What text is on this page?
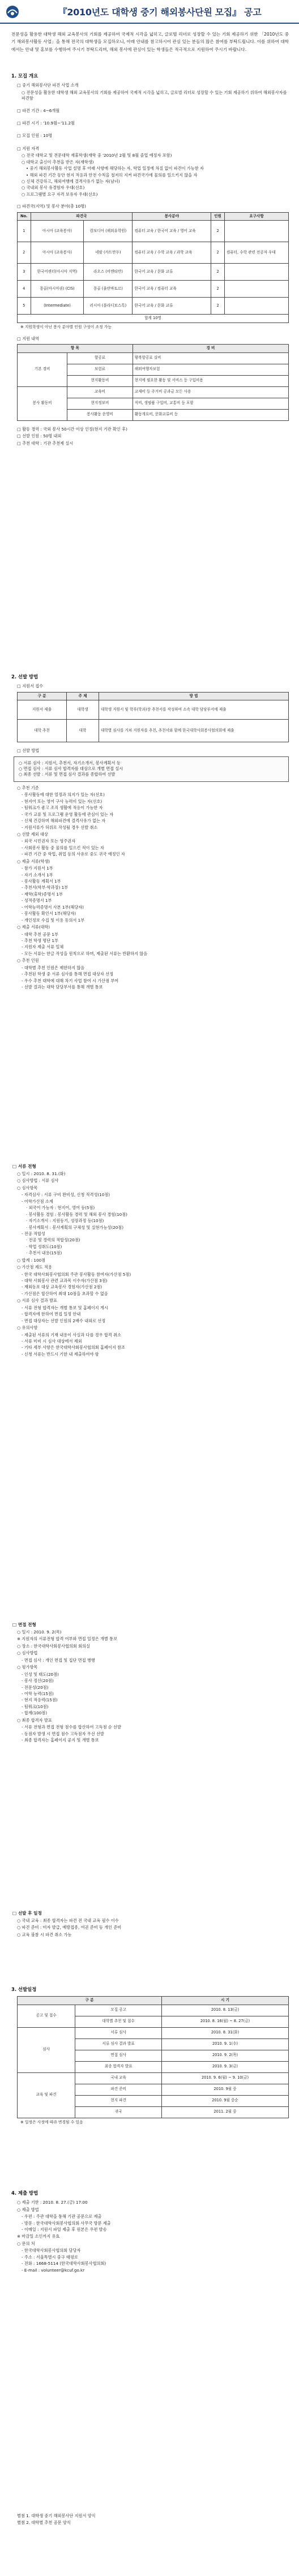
『2010년도 대학생 중기 해외봉사단원 모집』 공고
전문성을 활용한 대학생 해외 교육봉사의 기회를 제공하여 국제적 시각을 넓히고, 글로벌 리더로 성장할 수 있는 기회 제공하기 위한 「2010년도 중기 해외봉사활동 사업」을 통해 전국의 대학생을 모집하오니, 아래 안내를 참고하시어 관심 있는 분들의 많은 참여를 부탁드립니다. 이를 위하여 대학에서는 안내 및 홍보를 수행하여 주시기 부탁드리며, 해외 봉사에 관심이 있는 학생들은 적극적으로 지원하여 주시기 바랍니다.
1. 모집 개요
□ 중기 해외봉사단 파견 사업 소개
○ 전문성을 활용한 대학생 해외 교육봉사의 기회를 제공하여 국제적 시각을 넓히고, 글로벌 리더로 성장할 수 있는 기회 제공하기 위하여 해외봉사자를 파견함
□ 파견 기간 : 4~6개월
□ 파견 시기 : '10.9월~'11.2월
□ 모집 인원 : 10명
□ 지원 자격
○ 전국 대학교 및 전문대학 재휴학생(재학 중 '2010년 2월 및 8월 졸업 예정자 포함)
○ 대학교 출신이 추천을 받은 자(재학생)
• 중기 해외봉사활동 사업 설명 후 아래 사항에 해당하는 자, 학업 일정에 차질 없이 파견이 가능한 자
• 해외 파견 기간 동안 현지 적응과 안전 수칙을 철저히 지켜 파견국가에 물의를 일으키지 않을 자
○ 신체 건강하고, 해외여행에 결격사유가 없는 자(남녀)
○ 국내외 봉사 유경험자 우대(선호)
○ 프로그램별 요구 자격 보유자 우대(선호)
□ 파견국(지역) 및 봉사 분야(총 10명)
No.	파견국		봉사분야	인원	요구사항
1	아시아 (교육봉사)	캄보디아 (해외유학원)	컴퓨터 교육 / 한국어 교육 / 영어 교육	2	
2	아시아 (교육봉사)	네팔 (카트만두)	컴퓨터 교육 / 수학 교육 / 과학 교육	2	컴퓨터, 수학 관련 전공자 우대
3	한국어센터(아시아 지역)	라오스 (비엔티안)	한국어 교육 / 문화 교류	2	
4	몽골(아시아권) (CIS)	몽골 (울란바토르)	한국어 교육 / 컴퓨터 교육	2	
5	(Intermediate)	러시아 (블라디보스톡)	한국어 교육 / 문화 교류	2	
합계 10명					
※ 지원학생이 아닌 봉사 분야별 인원 구성이 조정 가능
□ 지원 내역
항 목		경 비
기본 경비	항공료	왕복항공료 실비
	보험료	해외여행자보험
	현지활동비	현지에 필요한 활동 및 서비스 등 구입비용
봉사 활동비	교육비	교재비 등 주거비 공과금 모든 사용
	현지정보비	식비, 생필품 구입비, 교통비 등 포함
	봉사활동 운영비	활동개요비, 문화교류비 등
□ 활동 경력 : 국외 봉사 50시간 이상 인정(현지 기관 확인 후)
□ 선발 인원 : 50명 내외
□ 추천 대학 : 기관 추천제 실시
2. 선발 방법
□ 지원서 접수
구 분	주 체	방 법
지원서 제출	대학생	대학생 지원서 및 학부(학과)장 추천서를 작성하여 소속 대학 담당부서에 제출
대학 추천	대학	대학별 심사를 거쳐 지원자를 추천, 추천서와 함께 한국대학사회봉사협의회에 제출
□ 선발 방법
○ 서류 심사 : 지원서, 추천서, 자기소개서, 봉사계획서 등
○ 면접 심사 : 서류 심사 합격자를 대상으로 개별 면접 실시
○ 최종 선발 : 서류 및 면접 심사 결과를 종합하여 선발
○ 추천 기준
- 봉사활동에 대한 열정과 의지가 있는 자(선호)
- 현지어 또는 영어 구사 능력이 있는 자(선호)
- 팀워크가 좋고 조직 생활에 적응이 가능한 자
- 국가 교류 및 프로그램 운영 활동에 관심이 있는 자
- 신체 건강하며 해외파견에 결격사유가 없는 자
- 지원서류가 허위로 작성될 경우 선발 취소
○ 선발 제외 대상
- 외국 시민권자 또는 영주권자
- 사회봉사 활동 중 물의를 일으킨 적이 있는 자
- 파견 기간 중 학업, 취업 등의 사유로 중도 귀국 예정인 자
○ 제출 서류(학생)
- 참가 지원서 1부
- 자기 소개서 1부
- 봉사활동 계획서 1부
- 추천서(학부·학과장) 1부
- 재학(휴학)증명서 1부
- 성적증명서 1부
- 어학능력증명서 사본 1부(해당자)
- 봉사활동 확인서 1부(해당자)
- 개인정보 수집 및 이용 동의서 1부
○ 제출 서류(대학)
- 대학 추천 공문 1부
- 추천 학생 명단 1부
- 지원자 제출 서류 일체
- 모든 서류는 한글 작성을 원칙으로 하며, 제출된 서류는 반환하지 않음
○ 추천 인원
- 대학별 추천 인원은 제한하지 않음
- 추천된 학생 중 서류 심사를 통해 면접 대상자 선정
- 우수 추천 대학에 대해 차기 사업 참여 시 가산점 부여
- 선발 결과는 대학 담당부서를 통해 개별 통보
□ 서류 전형
○ 일시 : 2010. 8. 31.(화)
○ 심사방법 : 서류 심사
○ 심사항목
- 자격심사 : 서류 구비 완비성, 신청 적격성(10점)
- 어학가산점 소계
· 외국어 가능자 : 현지어, 영어 등(5점)
· 봉사활동 경험 : 봉사활동 경력 및 해외 봉사 경험(10점)
· 자기소개서 : 지원동기, 성장과정 등(10점)
· 봉사계획서 : 봉사계획의 구체성 및 실현가능성(20점)
- 전공 적합성
· 전공 및 경력의 적합성(20점)
· 학업 성취도(10점)
· 추천서 내용(15점)
○ 합계 : 100점
○ 가산점 제도 적용
- 한국 대학사회봉사협의회 주관 봉사활동 참여자(가산점 5점)
- 대학 사회봉사 관련 교과목 이수자(가산점 3점)
- 재외동포 대상 교육봉사 경험자(가산점 2점)
- 가산점은 합산하여 최대 10점을 초과할 수 없음
○ 서류 심사 결과 발표
- 서류 전형 합격자는 개별 통보 및 홈페이지 게시
- 합격자에 한하여 면접 일정 안내
- 면접 대상자는 선발 인원의 2배수 내외로 선정
○ 유의사항
- 제출된 서류의 기재 내용이 사실과 다를 경우 합격 취소
- 서류 미비 시 심사 대상에서 제외
- 기타 세부 사항은 한국대학사회봉사협의회 홈페이지 참조
- 신청 서류는 반드시 기한 내 제출하여야 함
□ 면접 전형
○ 일시 : 2010. 9. 2(목)
※ 지원자의 서류전형 합격 여부와 면접 일정은 개별 통보
○ 장소 : 한국대학사회봉사협의회 회의실
○ 심사방법
- 면접 심사 : 개인 면접 및 집단 면접 병행
○ 평가항목
- 인성 및 태도(20점)
- 봉사 정신(20점)
- 전문성(20점)
- 어학 능력(15점)
- 현지 적응력(15점)
- 팀워크(10점)
- 합계(100점)
○ 최종 합격자 발표
- 서류 전형과 면접 전형 점수를 합산하여 고득점 순 선발
- 동점자 발생 시 면접 점수 고득점자 우선 선발
- 최종 합격자는 홈페이지 공지 및 개별 통보
□ 선발 후 일정
○ 국내 교육 : 최종 합격자는 파견 전 국내 교육 필수 이수
○ 파견 준비 : 비자 발급, 예방접종, 여권 준비 등 개인 준비
○ 교육 불참 시 파견 취소 가능
3. 선발일정
구 분		시 기
공고 및 접수	모집 공고	2010. 8. 13(금)
	대학별 추천 및 접수	2010. 8. 16(월) ~ 8. 27(금)
심사	서류 심사	2010. 8. 31(화)
	서류 심사 결과 발표	2010. 9. 1(수)
	면접 심사	2010. 9. 2(목)
	최종 합격자 발표	2010. 9. 3(금)
교육 및 파견	국내 교육	2010. 9. 6(월) ~ 9. 10(금)
	파견 준비	2010. 9월 중
	현지 파견	2010. 9월 중순
	귀국	2011. 2월 중
※ 일정은 사정에 따라 변경될 수 있음
4. 제출 방법
○ 제출 기한 : 2010. 8. 27.(금) 17:00
○ 제출 방법
- 우편 : 주관 대학을 통해 기관 공문으로 제출
- 방문 : 한국대학사회봉사협의회 사무국 방문 제출
- 이메일 : 지원서 파일 제출 후 원본은 우편 발송
※ 마감일 소인까지 유효
○ 문의 처
- 한국대학사회봉사협의회 담당자
- 주소 : 서울특별시 중구 태평로
- 전화 : 1668-5114 (한국대학사회봉사협의회)
- E-mail : volunteer@kcuf.go.kr
별첨 1. 대학생 중기 해외봉사단 지원서 양식
별첨 2. 대학별 추천 공문 양식
